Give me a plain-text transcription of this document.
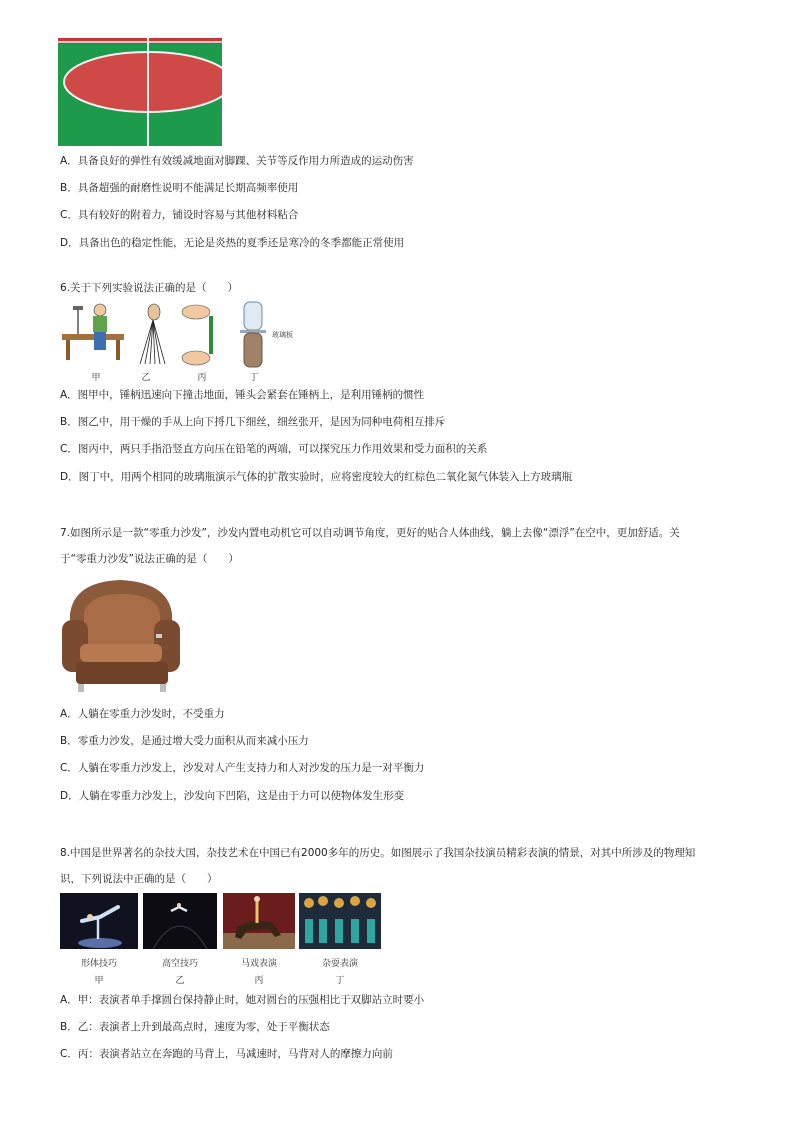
A．具备良好的弹性有效缓减地面对脚踝、关节等反作用力所造成的运动伤害
B．具备超强的耐磨性说明不能满足长期高频率使用
C．具有较好的附着力，铺设时容易与其他材料粘合
D．具备出色的稳定性能，无论是炎热的夏季还是寒冷的冬季都能正常使用
6.关于下列实验说法正确的是（　　）
甲	乙	丙
玻璃板
丁
A．图甲中，锤柄迅速向下撞击地面，锤头会紧套在锤柄上，是利用锤柄的惯性
B．图乙中，用干燥的手从上向下捋几下细丝，细丝张开，是因为同种电荷相互排斥
C．图丙中，两只手指沿竖直方向压在铅笔的两端，可以探究压力作用效果和受力面积的关系
D．图丁中，用两个相同的玻璃瓶演示气体的扩散实验时，应将密度较大的红棕色二氧化氮气体装入上方玻璃瓶
7.如图所示是一款“零重力沙发”，沙发内置电动机它可以自动调节角度，更好的贴合人体曲线，躺上去像“漂浮”在空中，更加舒适。关
于“零重力沙发”说法正确的是（　　）
A．人躺在零重力沙发时，不受重力
B．零重力沙发，是通过增大受力面积从而来减小压力
C．人躺在零重力沙发上，沙发对人产生支持力和人对沙发的压力是一对平衡力
D．人躺在零重力沙发上，沙发向下凹陷，这是由于力可以使物体发生形变
8.中国是世界著名的杂技大国，杂技艺术在中国已有2000多年的历史。如图展示了我国杂技演员精彩表演的情景，对其中所涉及的物理知
识，下列说法中正确的是（　　）
形体技巧
甲
高空技巧
乙
马戏表演
丙
杂耍表演
丁
A．甲：表演者单手撑圆台保持静止时，她对圆台的压强相比于双脚站立时要小
B．乙：表演者上升到最高点时，速度为零，处于平衡状态
C．丙：表演者站立在奔跑的马背上，马减速时，马背对人的摩擦力向前
